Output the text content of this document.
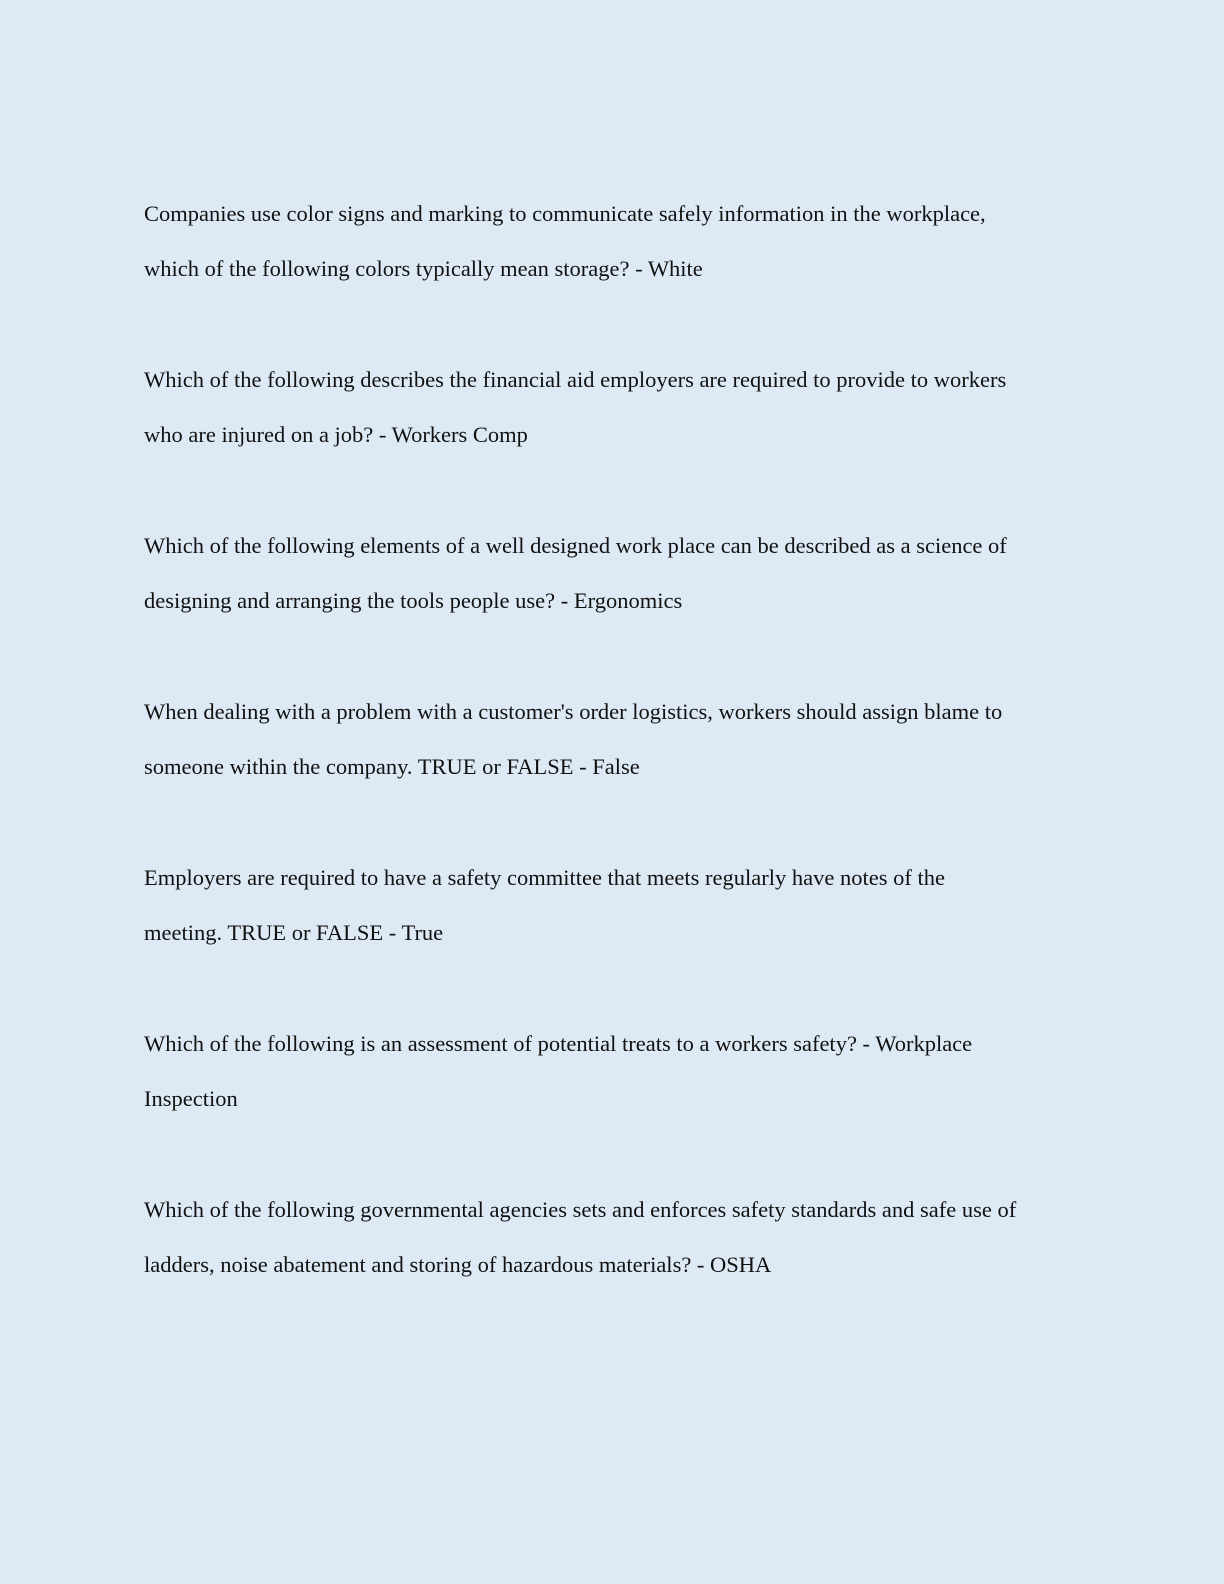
Companies use color signs and marking to communicate safely information in the workplace,
which of the following colors typically mean storage? - White

Which of the following describes the financial aid employers are required to provide to workers
who are injured on a job? - Workers Comp

Which of the following elements of a well designed work place can be described as a science of
designing and arranging the tools people use? - Ergonomics

When dealing with a problem with a customer's order logistics, workers should assign blame to
someone within the company. TRUE or FALSE - False

Employers are required to have a safety committee that meets regularly have notes of the
meeting. TRUE or FALSE - True

Which of the following is an assessment of potential treats to a workers safety? - Workplace
Inspection

Which of the following governmental agencies sets and enforces safety standards and safe use of
ladders, noise abatement and storing of hazardous materials? - OSHA
